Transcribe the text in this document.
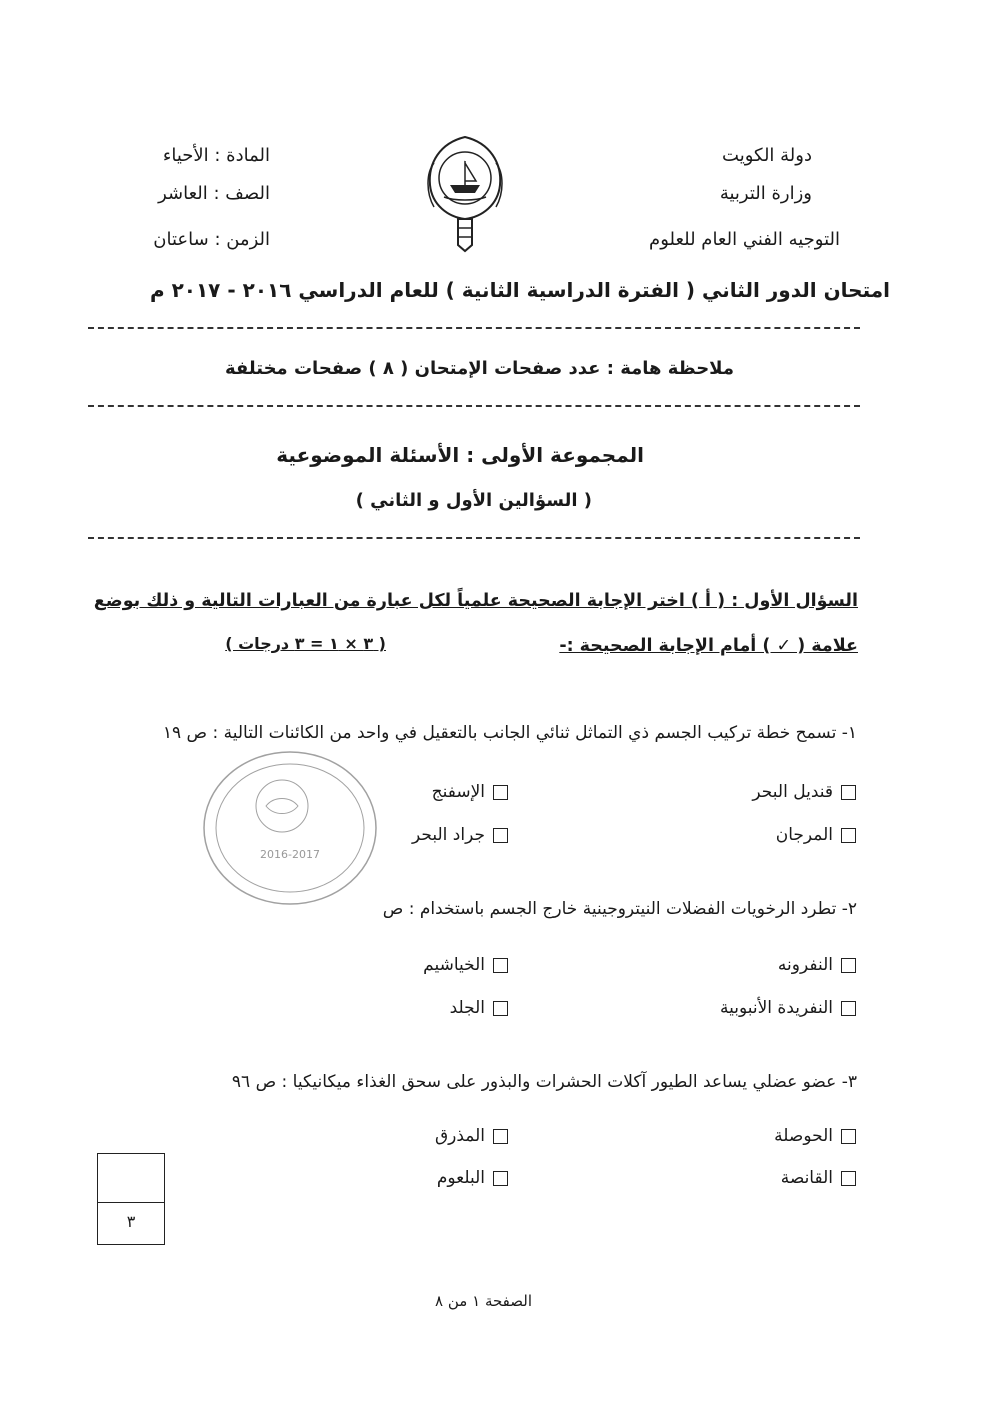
دولة الكويت
وزارة التربية
التوجيه الفني العام للعلوم
المادة : الأحياء
الصف : العاشر
الزمن : ساعتان
امتحان الدور الثاني ( الفترة الدراسية الثانية ) للعام الدراسي ٢٠١٦ - ٢٠١٧ م
ملاحظة هامة : عدد صفحات الإمتحان ( ٨ ) صفحات مختلفة
المجموعة الأولى : الأسئلة الموضوعية
( السؤالين الأول و الثاني )
السؤال الأول : ( أ ) اختر الإجابة الصحيحة علمياً لكل عبارة من العبارات التالية و ذلك بوضع
علامة ( ✓ ) أمام الإجابة الصحيحة :-
( ٣ × ١ = ٣ درجات )
١- تسمح خطة تركيب الجسم ذي التماثل ثنائي الجانب بالتعقيل في واحد من الكائنات التالية : ص ١٩
قنديل البحر
الإسفنج
المرجان
جراد البحر
2016-2017
٢- تطرد الرخويات الفضلات النيتروجينية خارج الجسم باستخدام : ص
النفرونه
الخياشيم
النفريدة الأنبوبية
الجلد
٣- عضو عضلي يساعد الطيور آكلات الحشرات والبذور على سحق الغذاء ميكانيكيا : ص ٩٦
الحوصلة
المذرق
القانصة
البلعوم
٣
الصفحة ١ من ٨
